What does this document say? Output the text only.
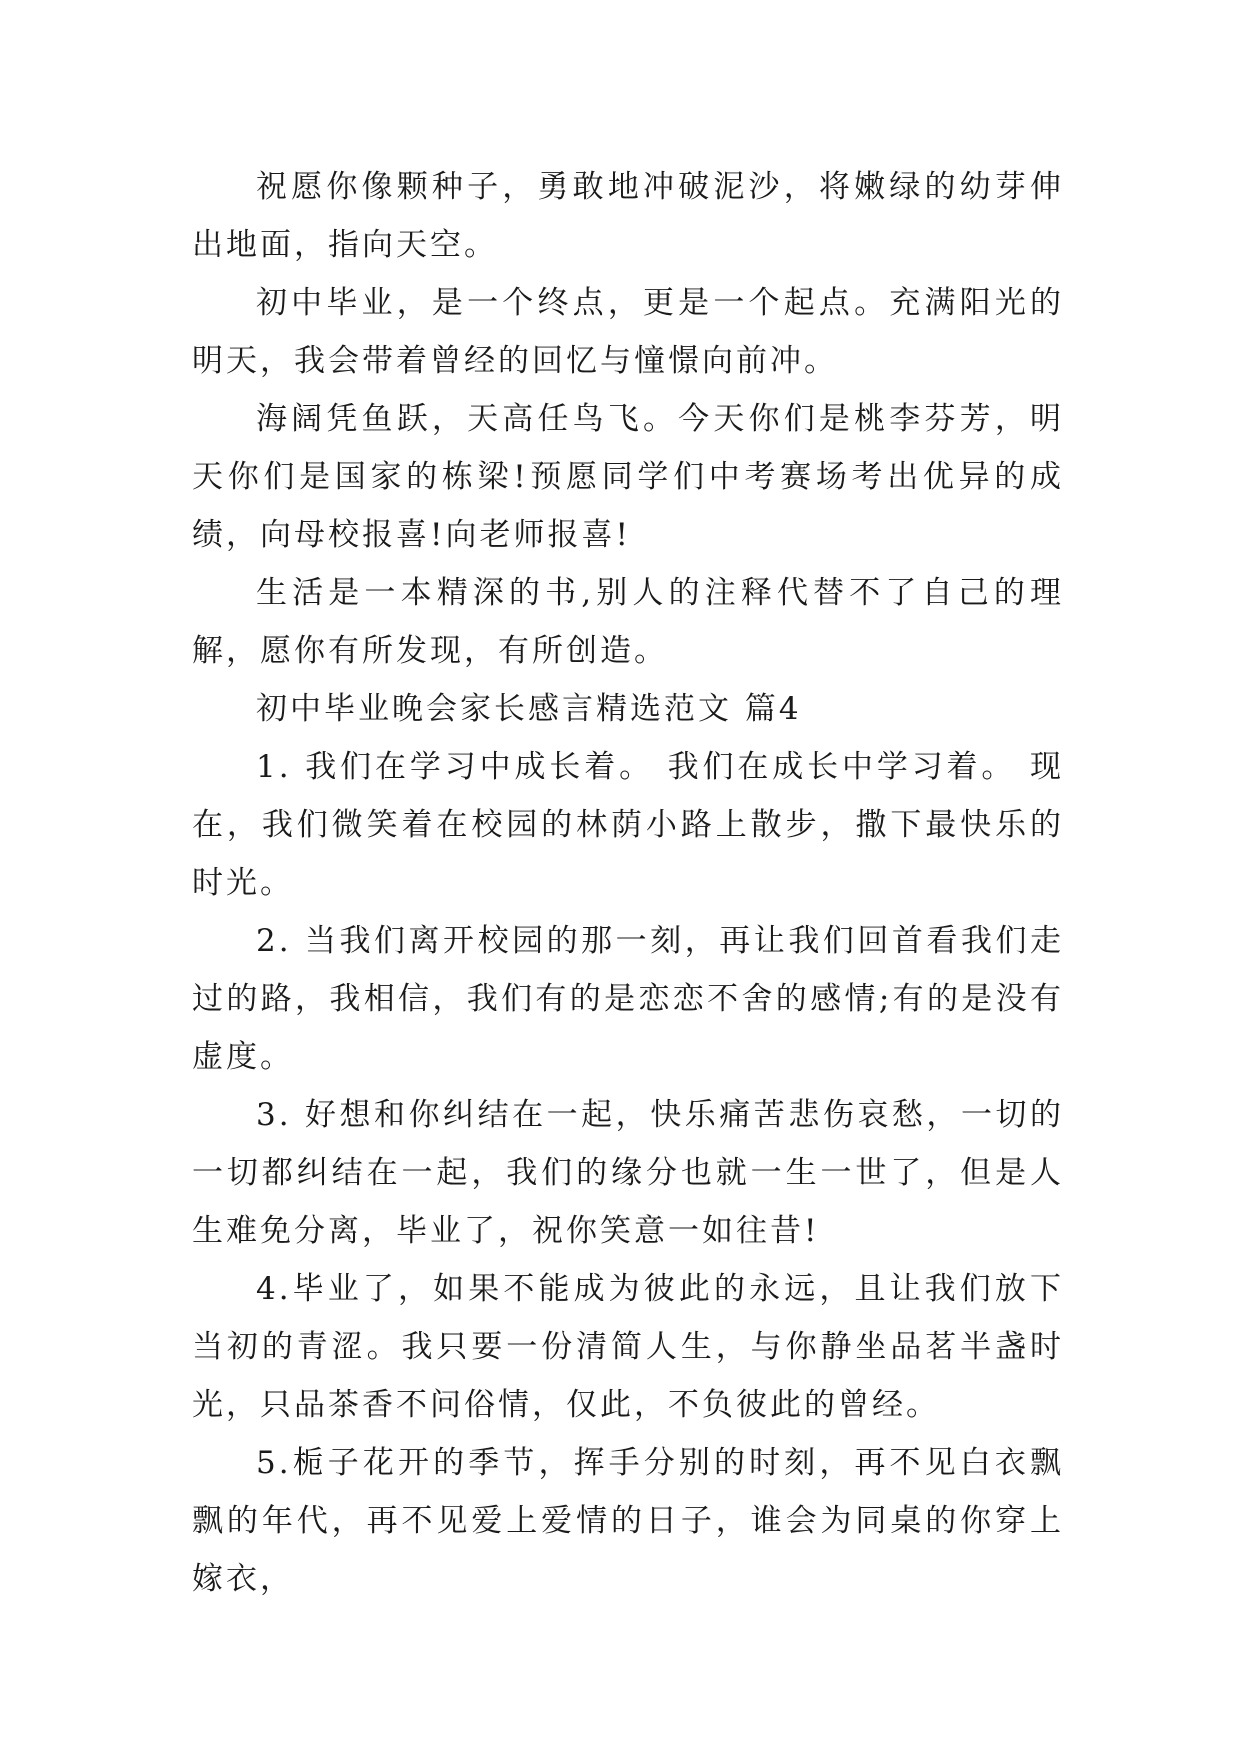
祝愿你像颗种子，勇敢地冲破泥沙，将嫩绿的幼芽伸出地面，指向天空。

初中毕业，是一个终点，更是一个起点。充满阳光的明天，我会带着曾经的回忆与憧憬向前冲。

海阔凭鱼跃，天高任鸟飞。今天你们是桃李芬芳，明天你们是国家的栋梁!预愿同学们中考赛场考出优异的成绩，向母校报喜!向老师报喜!

生活是一本精深的书,别人的注释代替不了自己的理解，愿你有所发现，有所创造。

初中毕业晚会家长感言精选范文 篇4

1. 我们在学习中成长着。 我们在成长中学习着。 现在，我们微笑着在校园的林荫小路上散步，撒下最快乐的时光。

2. 当我们离开校园的那一刻，再让我们回首看我们走过的路，我相信，我们有的是恋恋不舍的感情;有的是没有虚度。

3. 好想和你纠结在一起，快乐痛苦悲伤哀愁，一切的一切都纠结在一起，我们的缘分也就一生一世了，但是人生难免分离，毕业了，祝你笑意一如往昔!

4.毕业了，如果不能成为彼此的永远，且让我们放下当初的青涩。我只要一份清简人生，与你静坐品茗半盏时光，只品茶香不问俗情，仅此，不负彼此的曾经。

5.栀子花开的季节，挥手分别的时刻，再不见白衣飘飘的年代，再不见爱上爱情的日子，谁会为同桌的你穿上嫁衣，
